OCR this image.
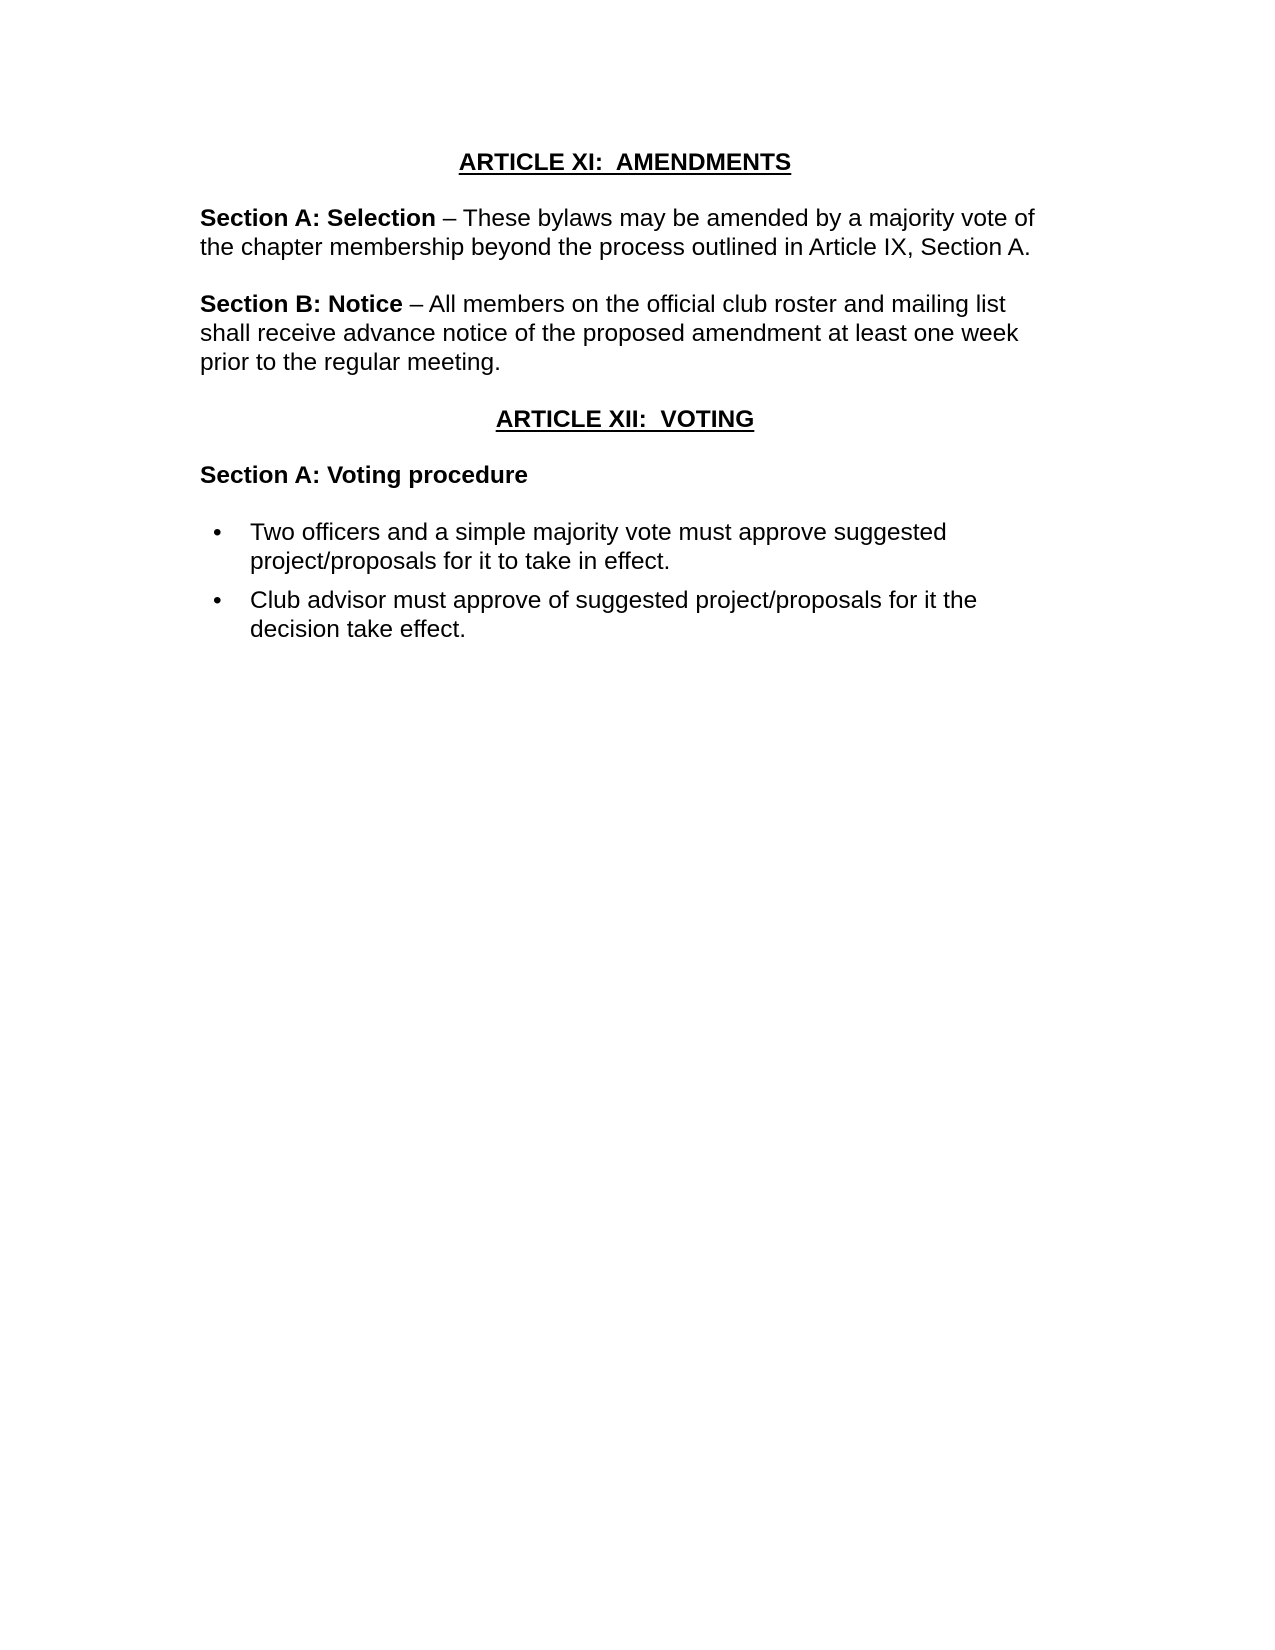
ARTICLE XI:  AMENDMENTS

Section A: Selection – These bylaws may be amended by a majority vote of the chapter membership beyond the process outlined in Article IX, Section A.

Section B: Notice – All members on the official club roster and mailing list shall receive advance notice of the proposed amendment at least one week prior to the regular meeting.

ARTICLE XII:  VOTING

Section A: Voting procedure

• Two officers and a simple majority vote must approve suggested project/proposals for it to take in effect.
• Club advisor must approve of suggested project/proposals for it the decision take effect.
